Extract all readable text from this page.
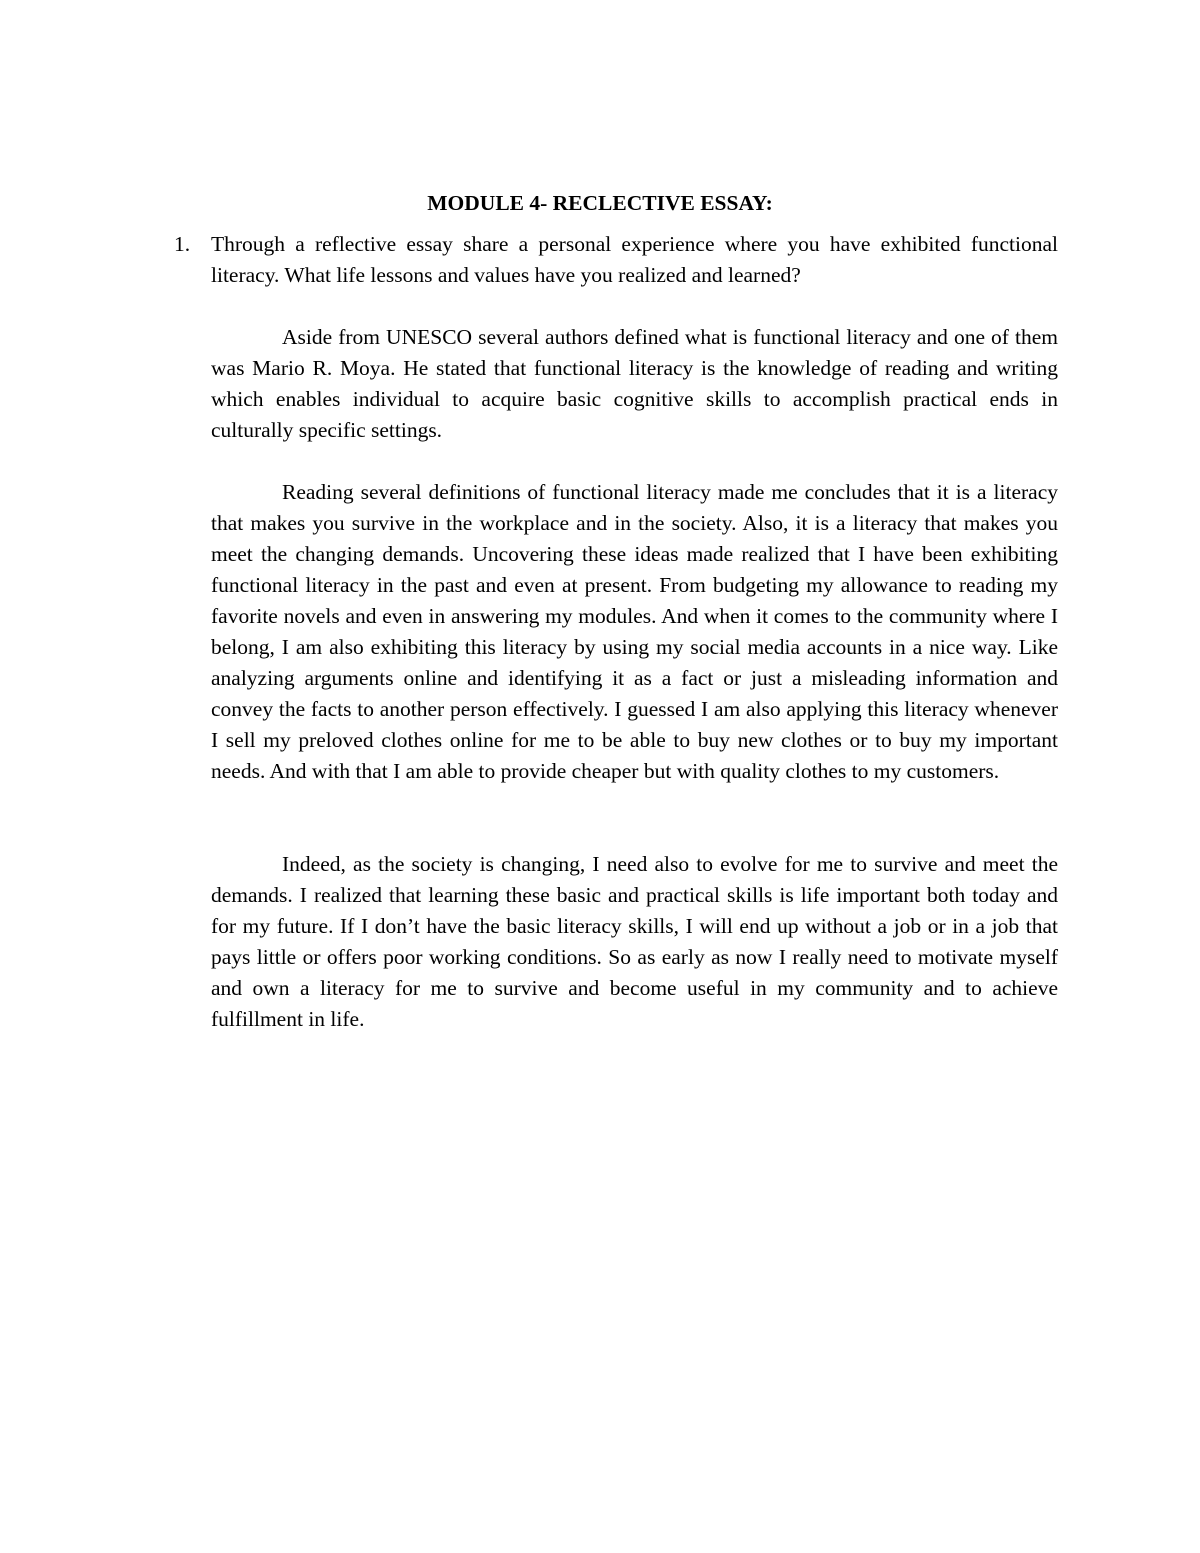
MODULE 4- RECLECTIVE ESSAY:
1. Through a reflective essay share a personal experience where you have exhibited functional literacy. What life lessons and values have you realized and learned?

Aside from UNESCO several authors defined what is functional literacy and one of them was Mario R. Moya. He stated that functional literacy is the knowledge of reading and writing which enables individual to acquire basic cognitive skills to accomplish practical ends in culturally specific settings.

Reading several definitions of functional literacy made me concludes that it is a literacy that makes you survive in the workplace and in the society. Also, it is a literacy that makes you meet the changing demands. Uncovering these ideas made realized that I have been exhibiting functional literacy in the past and even at present. From budgeting my allowance to reading my favorite novels and even in answering my modules. And when it comes to the community where I belong, I am also exhibiting this literacy by using my social media accounts in a nice way. Like analyzing arguments online and identifying it as a fact or just a misleading information and convey the facts to another person effectively. I guessed I am also applying this literacy whenever I sell my preloved clothes online for me to be able to buy new clothes or to buy my important needs. And with that I am able to provide cheaper but with quality clothes to my customers.

Indeed, as the society is changing, I need also to evolve for me to survive and meet the demands. I realized that learning these basic and practical skills is life important both today and for my future. If I don’t have the basic literacy skills, I will end up without a job or in a job that pays little or offers poor working conditions. So as early as now I really need to motivate myself and own a literacy for me to survive and become useful in my community and to achieve fulfillment in life.
